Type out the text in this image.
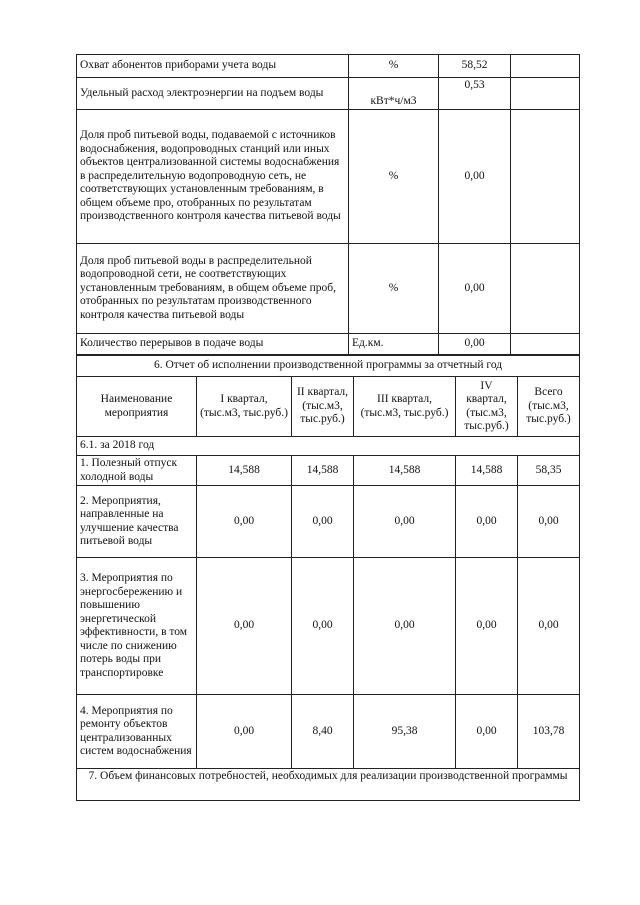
Охват абонентов приборами учета воды	%	58,52	
Удельный расход электроэнергии на подъем воды	кВт*ч/м3	0,53	
Доля проб питьевой воды, подаваемой с источников водоснабжения, водопроводных станций или иных объектов централизованной системы водоснабжения в распределительную водопроводную сеть, не соответствующих установленным требованиям, в общем объеме про, отобранных по результатам производственного контроля качества питьевой воды	%	0,00	
Доля проб питьевой воды в распределительной водопроводной сети, не соответствующих установленным требованиям, в общем объеме проб, отобранных по результатам производственного контроля качества питьевой воды	%	0,00	
Количество перерывов в подаче воды	Ед.км.	0,00	
6. Отчет об исполнении производственной программы за отчетный год					
Наименование мероприятия	I квартал, (тыс.м3, тыс.руб.)	II квартал, (тыс.м3, тыс.руб.)	III квартал, (тыс.м3, тыс.руб.)	IV квартал, (тыс.м3, тыс.руб.)	Всего (тыс.м3, тыс.руб.)
6.1. за 2018 год					
1. Полезный отпуск холодной воды	14,588	14,588	14,588	14,588	58,35
2. Мероприятия, направленные на улучшение качества питьевой воды	0,00	0,00	0,00	0,00	0,00
3. Мероприятия по энергосбережению и повышению энергетической эффективности, в том числе по снижению потерь воды при транспортировке	0,00	0,00	0,00	0,00	0,00
4. Мероприятия по ремонту объектов централизованных систем водоснабжения	0,00	8,40	95,38	0,00	103,78
7. Объем финансовых потребностей, необходимых для реализации производственной программы					
